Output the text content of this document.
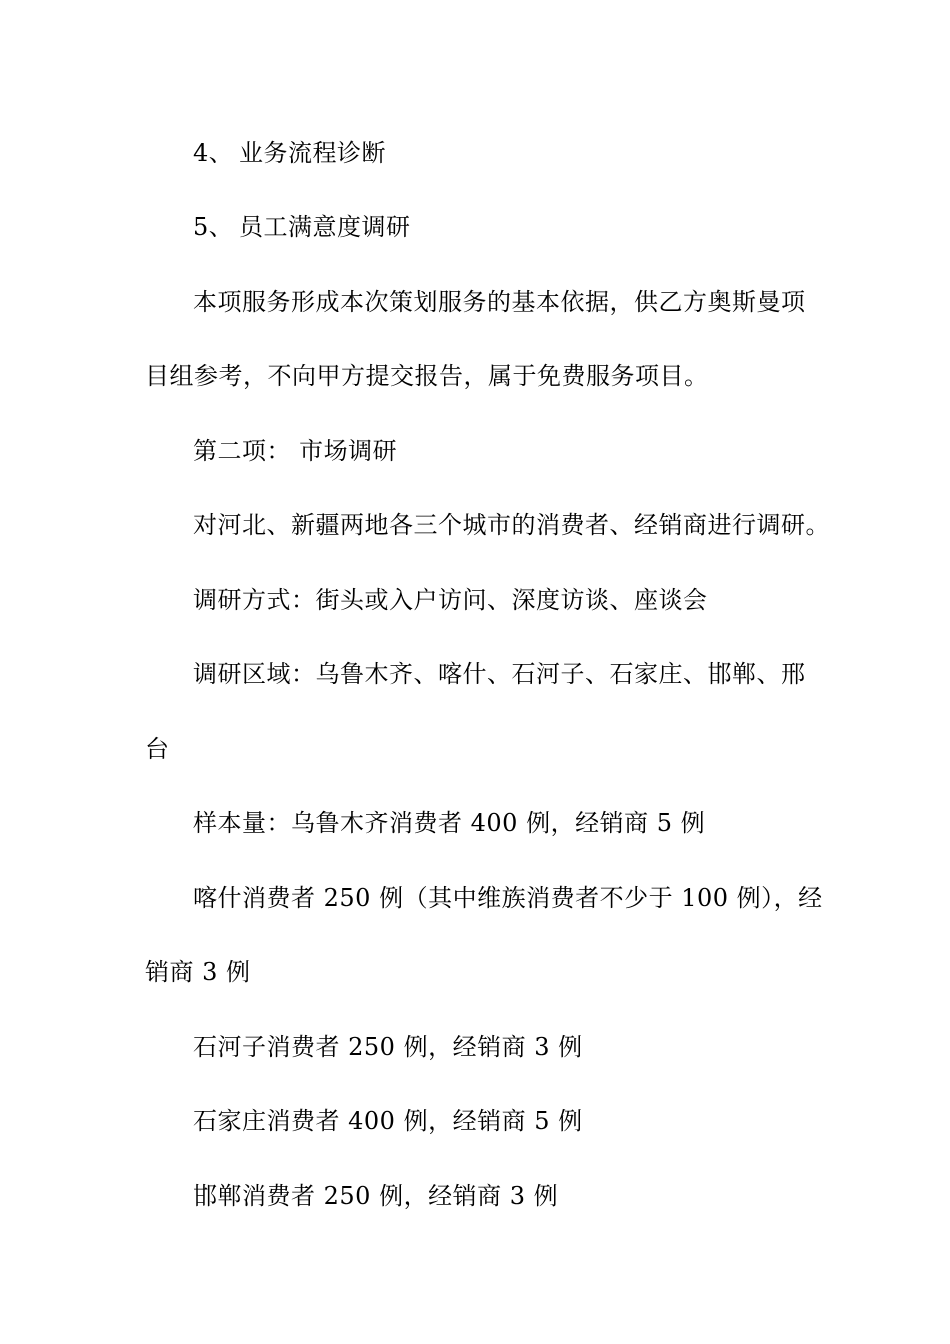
4、 业务流程诊断
5、 员工满意度调研
本项服务形成本次策划服务的基本依据，供乙方奥斯曼项
目组参考，不向甲方提交报告，属于免费服务项目。
第二项： 市场调研
对河北、新疆两地各三个城市的消费者、经销商进行调研。
调研方式：街头或入户访问、深度访谈、座谈会
调研区域：乌鲁木齐、喀什、石河子、石家庄、邯郸、邢
台
样本量：乌鲁木齐消费者 400 例，经销商 5 例
喀什消费者 250 例（其中维族消费者不少于 100 例），经
销商 3 例
石河子消费者 250 例，经销商 3 例
石家庄消费者 400 例，经销商 5 例
邯郸消费者 250 例，经销商 3 例
